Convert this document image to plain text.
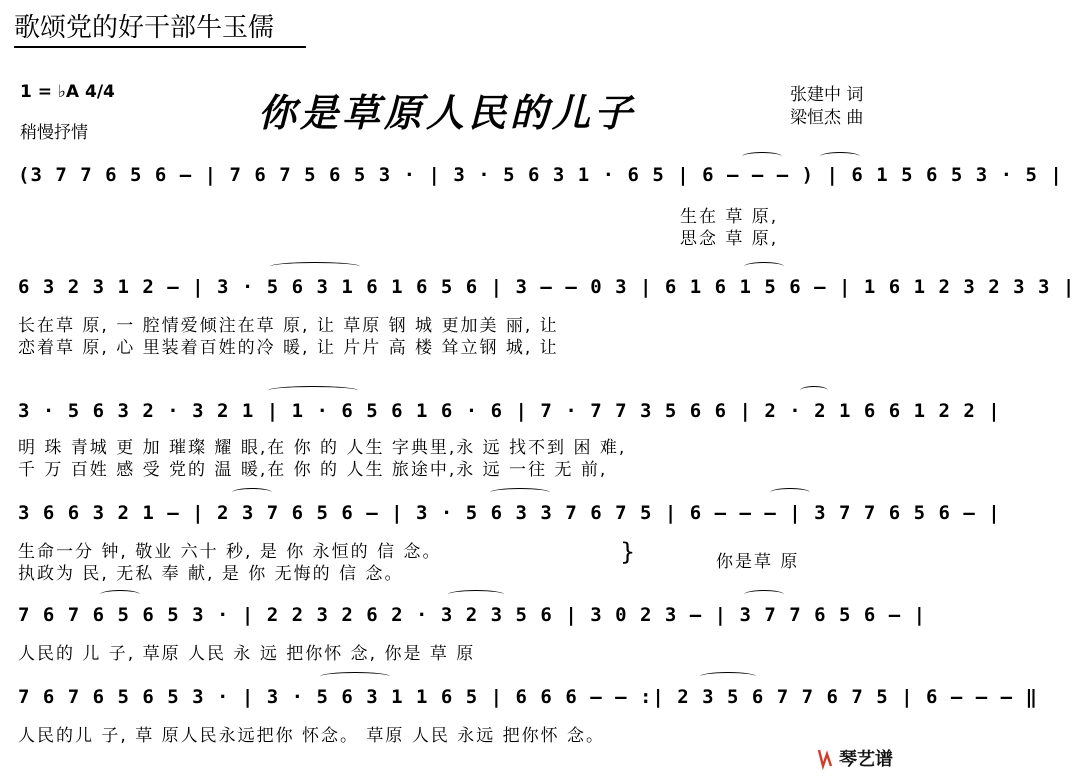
歌颂党的好干部牛玉儒
1 = ♭A 4/4
稍慢抒情	你是草原人民的儿子	张建中 词
梁恒杰 曲
(3 7 7 6 5 6 – | 7 6 7 5 6 5 3 · | 3 · 5 6 3 1 · 6 5 | 6 – – – ) | 6 1 5 6 5 3 · 5 |
生在 草 原,
思念 草 原,
6 3 2 3 1 2 – | 3 · 5 6 3 1 6 1 6 5 6 | 3 – – 0 3 | 6 1 6 1 5 6 – | 1 6 1 2 3 2 3 3 |
长在草 原, 一 腔情爱倾注在草 原, 让 草原 钢 城 更加美 丽, 让
恋着草 原, 心 里装着百姓的冷 暖, 让 片片 高 楼 耸立钢 城, 让
3 · 5 6 3 2 · 3 2 1 | 1 · 6 5 6 1 6 · 6 | 7 · 7 7 3 5 6 6 | 2 · 2 1 6 6 1 2 2 |
明 珠 青城 更 加 璀璨 耀 眼,在 你 的 人生 字典里,永 远 找不到 困 难,
千 万 百姓 感 受 党的 温 暖,在 你 的 人生 旅途中,永 远 一往 无 前,
3 6 6 3 2 1 – | 2 3 7 6 5 6 – | 3 · 5 6 3 3 7 6 7 5 | 6 – – – | 3 7 7 6 5 6 – |
生命一分 钟, 敬业 六十 秒, 是 你 永恒的 信 念。
执政为 民, 无私 奉 献, 是 你 无悔的 信 念。
}	你是草 原
7 6 7 6 5 6 5 3 · | 2 2 3 2 6 2 · 3 2 3 5 6 | 3 0 2 3 – | 3 7 7 6 5 6 – |
人民的 儿 子, 草原 人民 永 远 把你怀 念, 你是 草 原
7 6 7 6 5 6 5 3 · | 3 · 5 6 3 1 1 6 5 | 6 6 6 – – :| 2 3 5 6 7 7 6 7 5 | 6 – – – ‖
人民的儿 子, 草 原人民永远把你 怀念。 草原 人民 永远 把你怀 念。
琴艺谱
